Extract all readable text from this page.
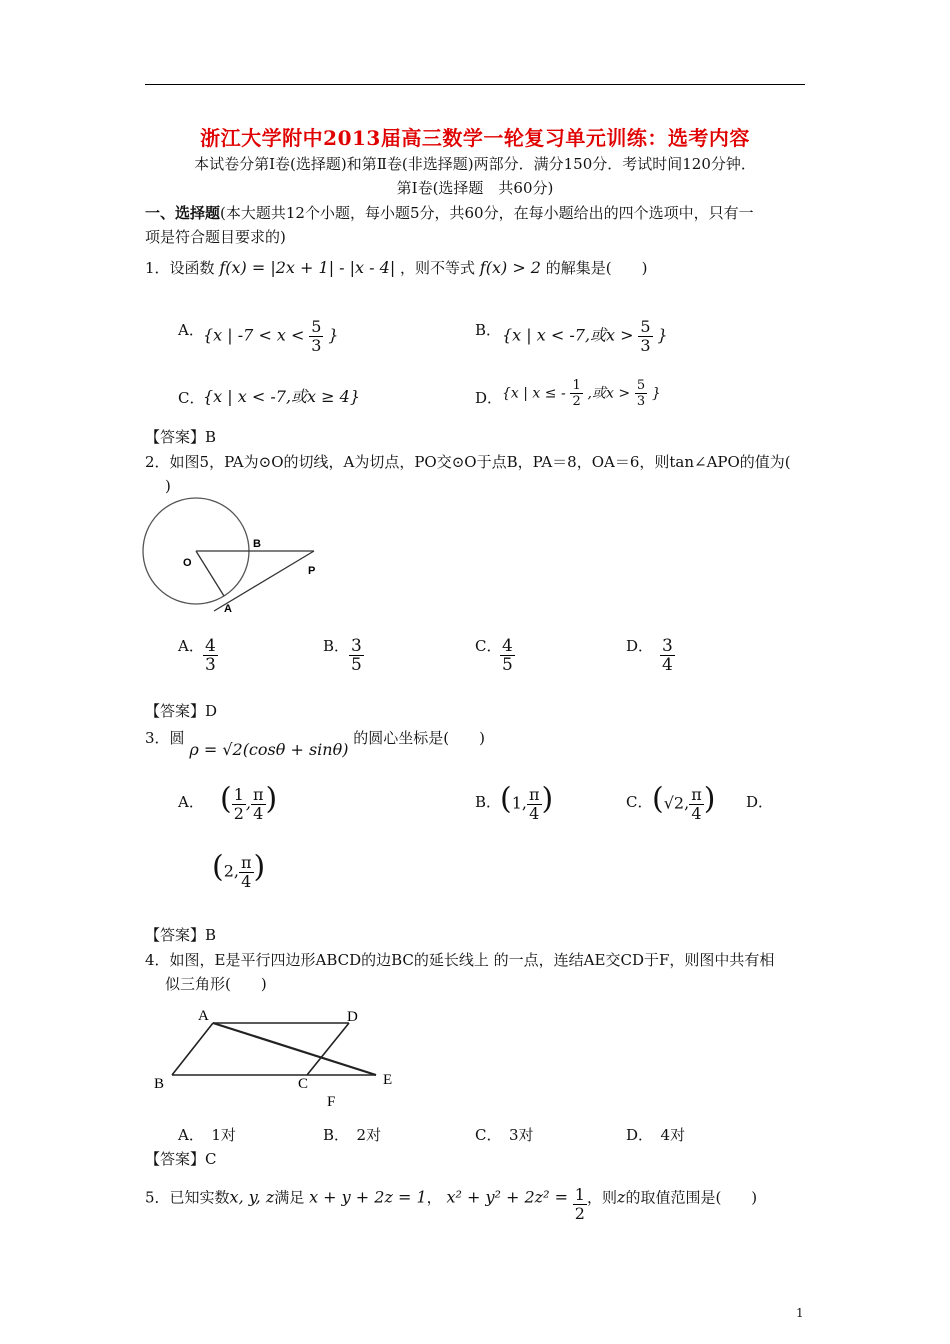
浙江大学附中2013届高三数学一轮复习单元训练：选考内容
本试卷分第Ⅰ卷(选择题)和第Ⅱ卷(非选择题)两部分．满分150分．考试时间120分钟．
第Ⅰ卷(选择题　共60分)
一、选择题(本大题共12个小题，每小题5分，共60分，在每小题给出的四个选项中，只有一
项是符合题目要求的)
1．设函数 f(x) = |2x + 1| - |x - 4| ，则不等式 f(x) > 2 的解集是(　　)
A． {x | $-7 < x < \frac{5}{3}$ }	B． {x | x < -7,或$x > \frac{5}{3}$ }
C．
{x | x < -7,或x ≥ 4}	D． {x | x ≤ - $\frac{1}{2}$ ,或$x > \frac{5}{3}$ }
【答案】B
2．如图5，PA为⊙O的切线，A为切点，PO交⊙O于点B，PA＝8，OA＝6，则tan∠APO的值为(
)
O
B
P
A
A． $\frac{4}{3}$	B． $\frac{3}{5}$	C．
$\frac{4}{5}$	D． $\frac{3}{4}$
【答案】D
3．圆 ρ = √2(cosθ + sinθ) 的圆心坐标是(　　)
A． ( $\frac{1}{2}$ , $\frac{\pi}{4}$ )	B．
(1, $\frac{\pi}{4}$ )	C． (√2, $\frac{\pi}{4}$ ) D．
(2, $\frac{\pi}{4}$ )
【答案】B
4．如图，E是平行四边形ABCD的边BC的延长线上 的一点，连结AE交CD于F，则图中共有相
似三角形(　　)
A	D
B	C	E
F
A．　1对	B．　2对	C．　3对	D．　4对
【答案】C
5．已知实数x, y, z满足 x + y + 2z = 1， $x^2 + y^2 + 2z^2 = \frac{1}{2}$ ，则z的取值范围是(　　)
1
